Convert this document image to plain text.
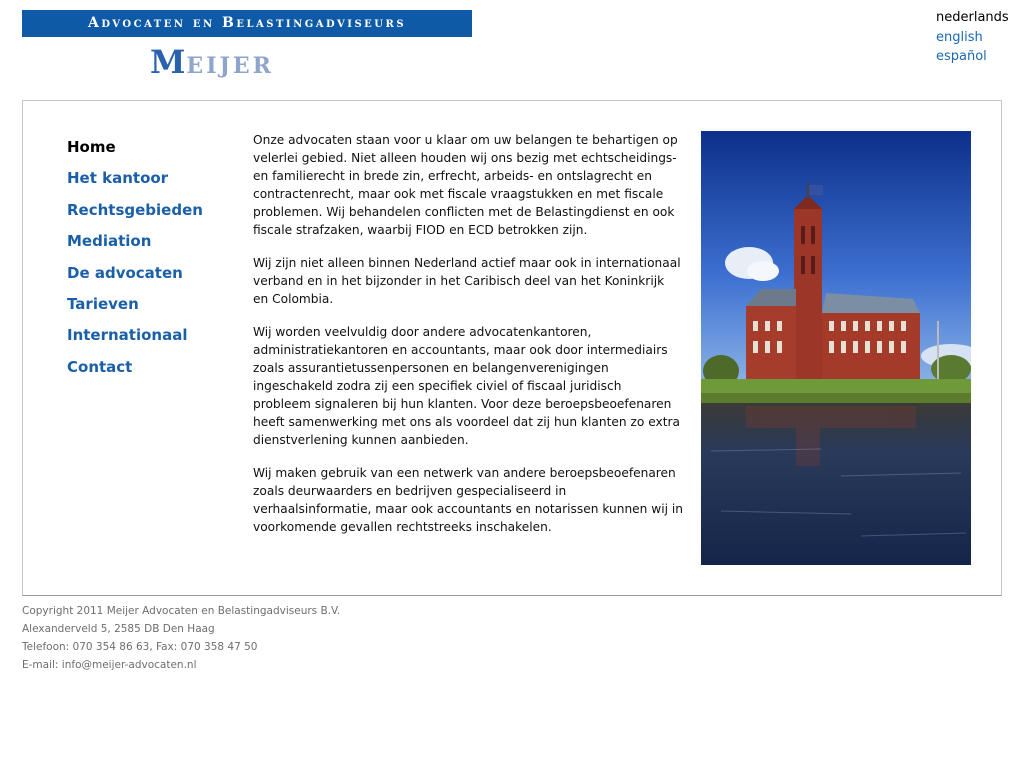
Advocaten en Belastingadviseurs
MEIJER
nederlands
english
español
Home
Het kantoor
Rechtsgebieden
Mediation
De advocaten
Tarieven
Internationaal
Contact

Onze advocaten staan voor u klaar om uw belangen te behartigen op velerlei gebied. Niet alleen houden wij ons bezig met echtscheidings- en familierecht in brede zin, erfrecht, arbeids- en ontslagrecht en contractenrecht, maar ook met fiscale vraagstukken en met fiscale problemen. Wij behandelen conflicten met de Belastingdienst en ook fiscale strafzaken, waarbij FIOD en ECD betrokken zijn.

Wij zijn niet alleen binnen Nederland actief maar ook in internationaal verband en in het bijzonder in het Caribisch deel van het Koninkrijk en Colombia.

Wij worden veelvuldig door andere advocatenkantoren, administratiekantoren en accountants, maar ook door intermediairs zoals assurantietussenpersonen en belangenverenigingen ingeschakeld zodra zij een specifiek civiel of fiscaal juridisch probleem signaleren bij hun klanten. Voor deze beroepsbeoefenaren heeft samenwerking met ons als voordeel dat zij hun klanten zo extra dienstverlening kunnen aanbieden.

Wij maken gebruik van een netwerk van andere beroepsbeoefenaren zoals deurwaarders en bedrijven gespecialiseerd in verhaalsinformatie, maar ook accountants en notarissen kunnen wij in voorkomende gevallen rechtstreeks inschakelen.

Copyright 2011 Meijer Advocaten en Belastingadviseurs B.V.
Alexanderveld 5, 2585 DB Den Haag
Telefoon: 070 354 86 63, Fax: 070 358 47 50
E-mail: info@meijer-advocaten.nl
